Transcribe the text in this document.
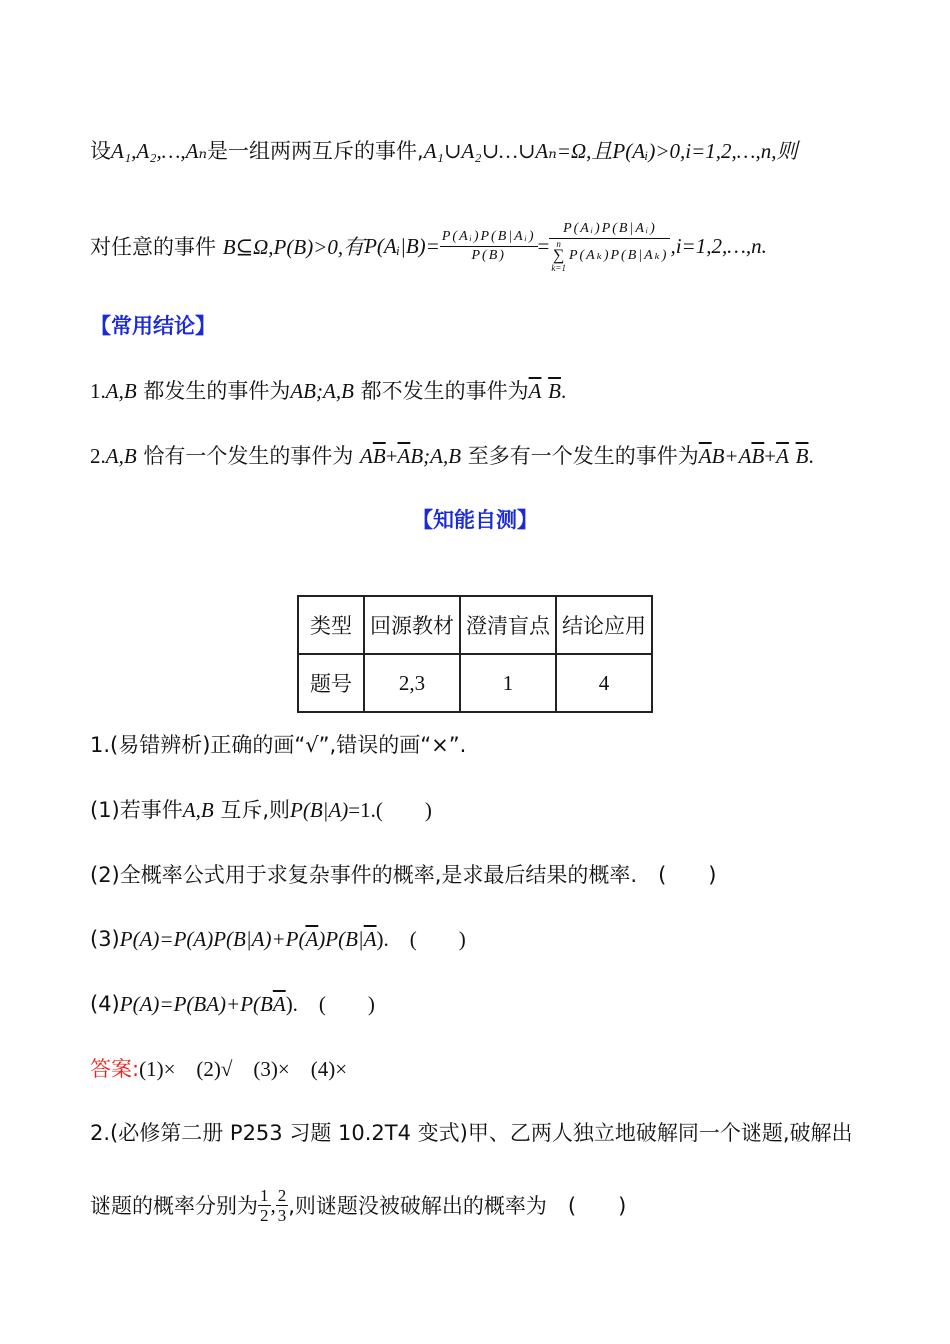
设A₁,A₂,…,Aₙ是一组两两互斥的事件,A₁∪A₂∪…∪Aₙ=Ω,且P(Aᵢ)>0,i=1,2,…,n,则
对任意的事件
B⊆Ω,P(B)>0,有 P(Aᵢ|B)= $\frac{\text{P(Aᵢ)P(B|Aᵢ)}}{P(B)}$ = P(Aᵢ)P(B|Aᵢ)
n
∑
k=1
P(Aₖ)P(B|Aₖ) ,i=1,2,…,n.
【常用结论】
1.A,B 都发生的事件为AB;A,B 都不发生的事件为$\overline{A}$ $\overline{B}$.
2.A,B 恰有一个发生的事件为 $A\overline{B}+\overline{A}B;A,B$ 至多有一个发生的事件为$\overline{A}B+A\overline{B}+\overline{A}$ $\overline{B}$.
【知能自测】
类型	回源教材	澄清盲点	结论应用
题号	2,3	1	4
1.(易错辨析)正确的画“√”,错误的画“×”.
(1)若事件A,B 互斥,则P(B|A)=1.(　　)
(2)全概率公式用于求复杂事件的概率,是求最后结果的概率.　(　　)
$(3)P(A)=P(A)P(B|A)+P(\overline{A})P(B|\overline{A})$.　(　　)
$(4)P(A)=P(BA)+P(B\overline{A})$.　(　　)
答案:(1)×　(2)√　(3)×　(4)×
2.(必修第二册 P253 习题 10.2T4 变式)甲、乙两人独立地破解同一个谜题,破解出
谜题的概率分别为 $\frac{1}{2}$ , $\frac{2}{3}$ ,则谜题没被破解出的概率为　(　　)
